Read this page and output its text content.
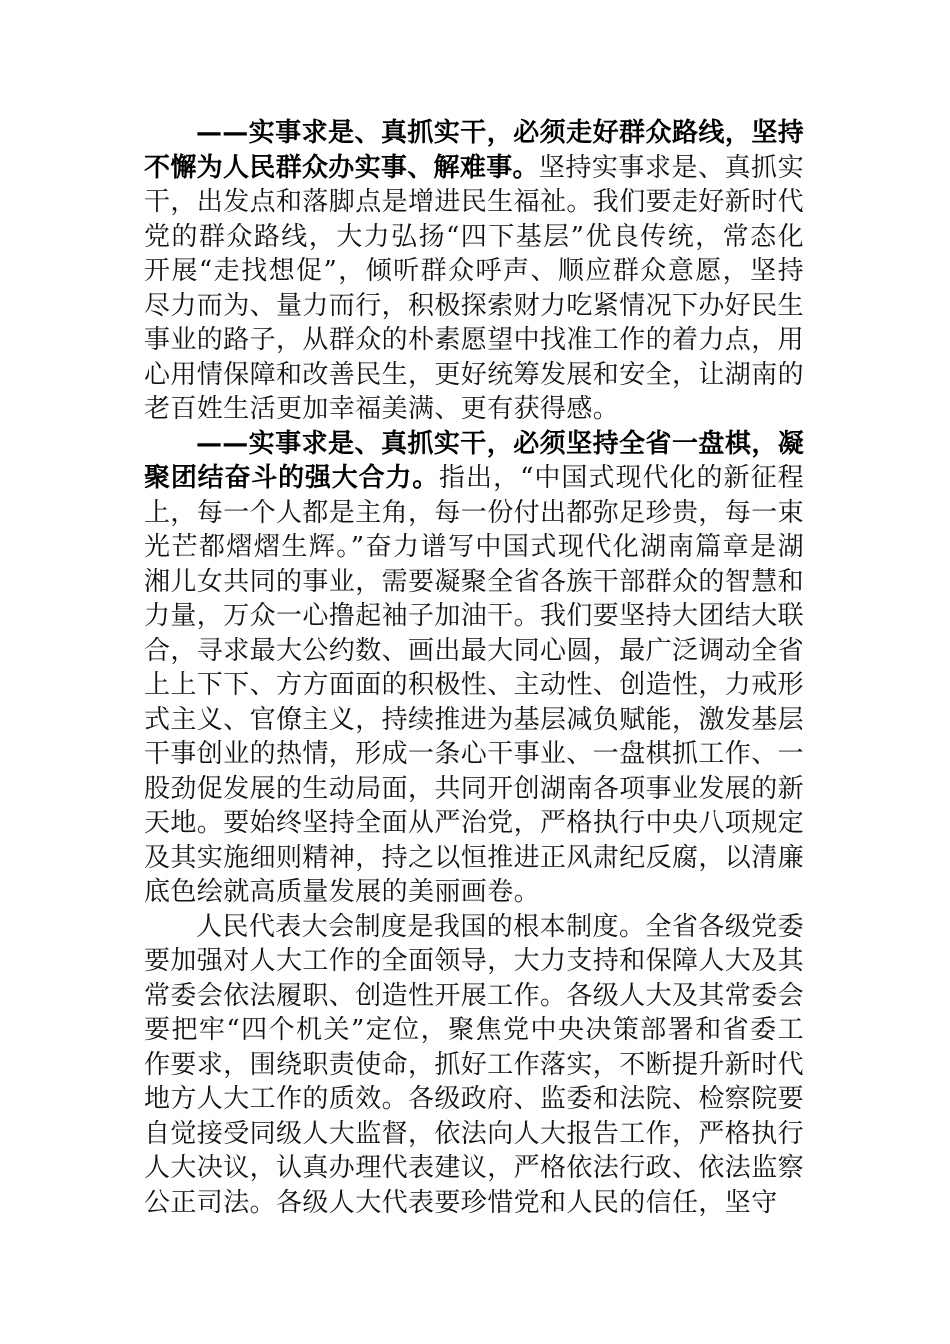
——实事求是、真抓实干，必须走好群众路线，坚持不懈为人民群众办实事、解难事。坚持实事求是、真抓实干，出发点和落脚点是增进民生福祉。我们要走好新时代党的群众路线，大力弘扬“四下基层”优良传统，常态化开展“走找想促”，倾听群众呼声、顺应群众意愿，坚持尽力而为、量力而行，积极探索财力吃紧情况下办好民生事业的路子，从群众的朴素愿望中找准工作的着力点，用心用情保障和改善民生，更好统筹发展和安全，让湖南的老百姓生活更加幸福美满、更有获得感。

——实事求是、真抓实干，必须坚持全省一盘棋，凝聚团结奋斗的强大合力。指出，“中国式现代化的新征程上，每一个人都是主角，每一份付出都弥足珍贵，每一束光芒都熠熠生辉。”奋力谱写中国式现代化湖南篇章是湖湘儿女共同的事业，需要凝聚全省各族干部群众的智慧和力量，万众一心撸起袖子加油干。我们要坚持大团结大联合，寻求最大公约数、画出最大同心圆，最广泛调动全省上上下下、方方面面的积极性、主动性、创造性，力戒形式主义、官僚主义，持续推进为基层减负赋能，激发基层干事创业的热情，形成一条心干事业、一盘棋抓工作、一股劲促发展的生动局面，共同开创湖南各项事业发展的新天地。要始终坚持全面从严治党，严格执行中央八项规定及其实施细则精神，持之以恒推进正风肃纪反腐，以清廉底色绘就高质量发展的美丽画卷。

人民代表大会制度是我国的根本制度。全省各级党委要加强对人大工作的全面领导，大力支持和保障人大及其常委会依法履职、创造性开展工作。各级人大及其常委会要把牢“四个机关”定位，聚焦党中央决策部署和省委工作要求，围绕职责使命，抓好工作落实，不断提升新时代地方人大工作的质效。各级政府、监委和法院、检察院要自觉接受同级人大监督，依法向人大报告工作，严格执行人大决议，认真办理代表建议，严格依法行政、依法监察公正司法。各级人大代表要珍惜党和人民的信任，坚守
